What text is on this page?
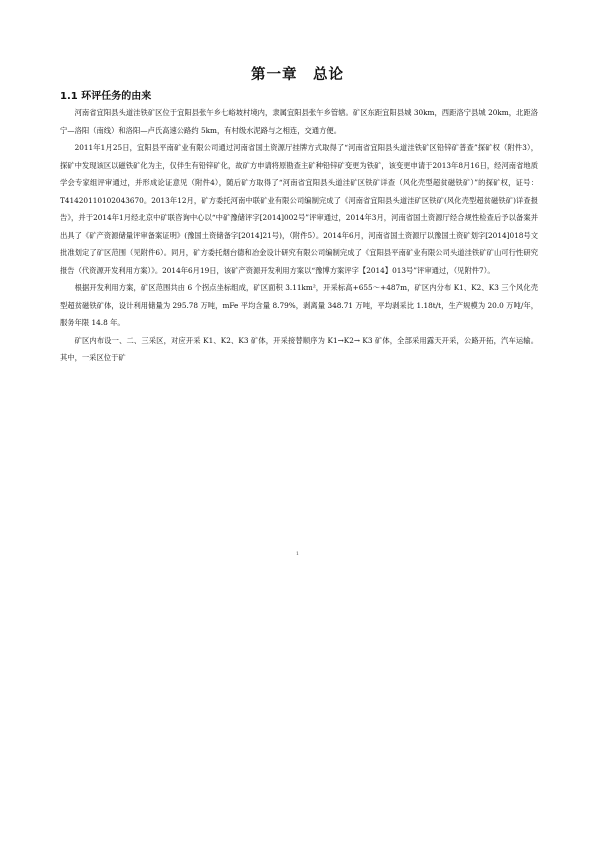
第一章　总论
1.1 环评任务的由来

河南省宜阳县头道洼铁矿区位于宜阳县张午乡七峪坡村境内，隶属宜阳县张午乡管辖。矿区东距宜阳县城 30km，西距洛宁县城 20km，北距洛宁—洛阳（南线）和洛阳—卢氏高速公路约 5km，有村级水泥路与之相连，交通方便。

2011年1月25日，宜阳县平南矿业有限公司通过河南省国土资源厅挂牌方式取得了“河南省宜阳县头道洼铁矿区铅锌矿普查”探矿权（附件3），探矿中发现该区以磁铁矿化为主，仅伴生有铅锌矿化，故矿方申请将原勘查主矿种铅锌矿变更为铁矿，该变更申请于2013年8月16日，经河南省地质学会专家组评审通过，并形成论证意见（附件4），随后矿方取得了“河南省宜阳县头道洼矿区铁矿详查（风化壳型超贫磁铁矿）”的探矿权，证号：T41420110102043670。2013年12月，矿方委托河南中联矿业有限公司编制完成了《河南省宜阳县头道洼矿区铁矿(风化壳型超贫磁铁矿)详查报告》，并于2014年1月经北京中矿联咨询中心以“中矿豫储评字[2014]002号”评审通过，2014年3月，河南省国土资源厅经合规性检查后予以备案并出具了《矿产资源储量评审备案证明》(豫国土资储备字[2014]21号)，（附件5）。2014年6月，河南省国土资源厅以豫国土资矿划字[2014]018号文批准划定了矿区范围（见附件6）。同月，矿方委托烟台德和冶金设计研究有限公司编制完成了《宜阳县平南矿业有限公司头道洼铁矿矿山可行性研究报告（代资源开发利用方案）》。2014年6月19日，该矿产资源开发利用方案以“豫博方案评字【2014】013号”评审通过，（见附件7）。

根据开发利用方案，矿区范围共由 6 个拐点坐标组成，矿区面积 3.11km²，开采标高+655～+487m，矿区内分布 K1、K2、K3 三个风化壳型超贫磁铁矿体，设计利用储量为 295.78 万吨，mFe 平均含量 8.79%，剥离量 348.71 万吨，平均剥采比 1.18t/t，生产规模为 20.0 万吨/年，服务年限 14.8 年。

矿区内布设一、二、三采区，对应开采 K1、K2、K3 矿体，开采接替顺序为 K1→K2→ K3 矿体，全部采用露天开采，公路开拓，汽车运输。其中，一采区位于矿

1
